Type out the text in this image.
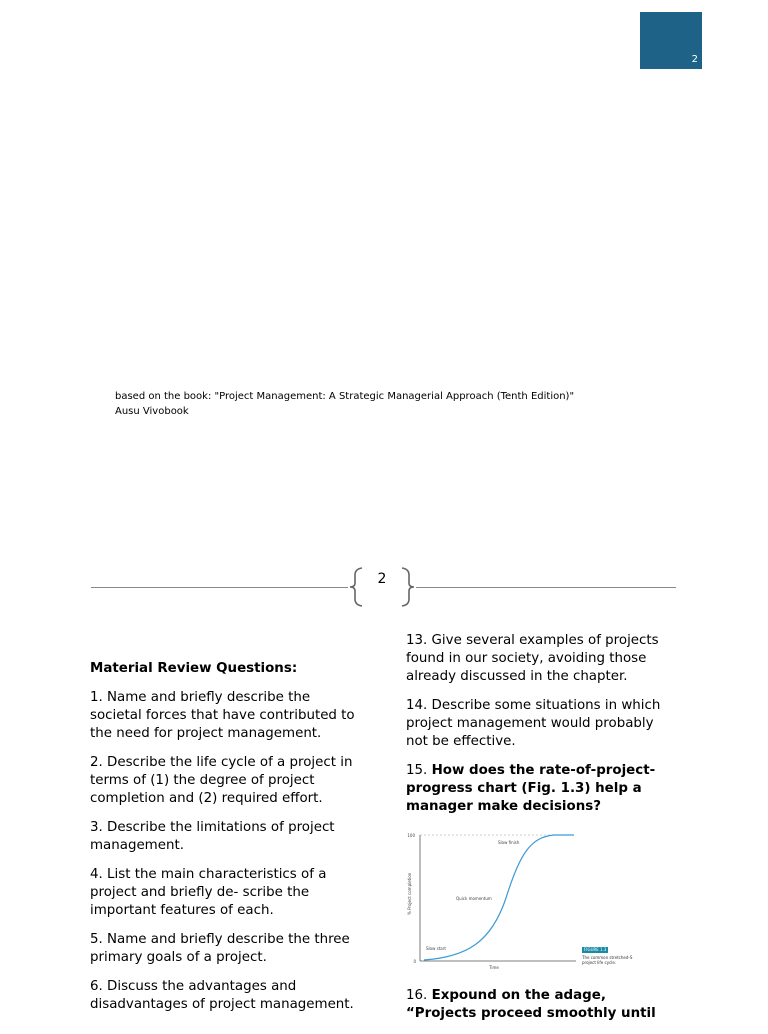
2
based on the book: "Project Management: A Strategic Managerial Approach (Tenth Edition)"
Ausu Vivobook
2

Material Review Questions:

1. Name and briefly describe the societal forces that have contributed to the need for project management.

2. Describe the life cycle of a project in terms of (1) the degree of project completion and (2) required effort.

3. Describe the limitations of project management.

4. List the main characteristics of a project and briefly de- scribe the important features of each.

5. Name and briefly describe the three primary goals of a project.

6. Discuss the advantages and disadvantages of project management.

13. Give several examples of projects found in our society, avoiding those already discussed in the chapter.

14. Describe some situations in which project management would probably not be effective.

15. How does the rate-of-project-progress chart (Fig. 1.3) help a manager make decisions?

100
0
Time
% Project completion
Slow start
Quick momentum
Slow finish
FIGURE 1.3
The common stretched-S project life cycle.

16. Expound on the adage, “Projects proceed smoothly until
